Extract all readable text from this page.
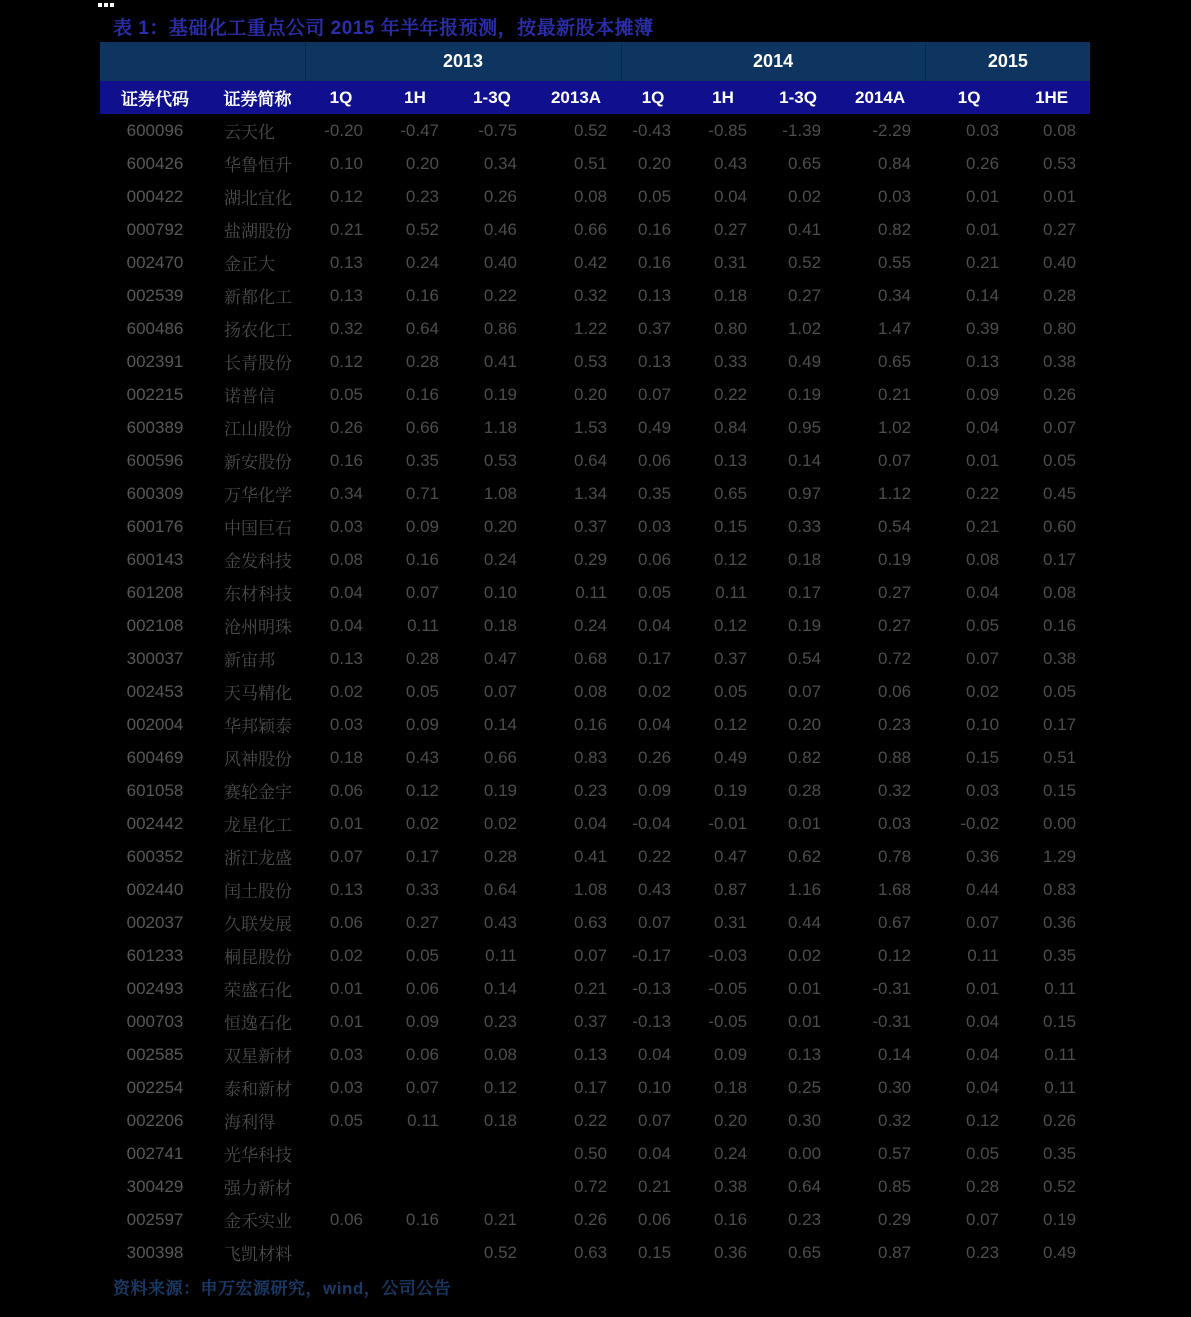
表 1：基础化工重点公司 2015 年半年报预测，按最新股本摊薄
		2013				2014				2015	
证券代码	证券简称	1Q	1H	1-3Q	2013A	1Q	1H	1-3Q	2014A	1Q	1HE
600096	云天化	-0.20	-0.47	-0.75	0.52	-0.43	-0.85	-1.39	-2.29	0.03	0.08
600426	华鲁恒升	0.10	0.20	0.34	0.51	0.20	0.43	0.65	0.84	0.26	0.53
000422	湖北宜化	0.12	0.23	0.26	0.08	0.05	0.04	0.02	0.03	0.01	0.01
000792	盐湖股份	0.21	0.52	0.46	0.66	0.16	0.27	0.41	0.82	0.01	0.27
002470	金正大	0.13	0.24	0.40	0.42	0.16	0.31	0.52	0.55	0.21	0.40
002539	新都化工	0.13	0.16	0.22	0.32	0.13	0.18	0.27	0.34	0.14	0.28
600486	扬农化工	0.32	0.64	0.86	1.22	0.37	0.80	1.02	1.47	0.39	0.80
002391	长青股份	0.12	0.28	0.41	0.53	0.13	0.33	0.49	0.65	0.13	0.38
002215	诺普信	0.05	0.16	0.19	0.20	0.07	0.22	0.19	0.21	0.09	0.26
600389	江山股份	0.26	0.66	1.18	1.53	0.49	0.84	0.95	1.02	0.04	0.07
600596	新安股份	0.16	0.35	0.53	0.64	0.06	0.13	0.14	0.07	0.01	0.05
600309	万华化学	0.34	0.71	1.08	1.34	0.35	0.65	0.97	1.12	0.22	0.45
600176	中国巨石	0.03	0.09	0.20	0.37	0.03	0.15	0.33	0.54	0.21	0.60
600143	金发科技	0.08	0.16	0.24	0.29	0.06	0.12	0.18	0.19	0.08	0.17
601208	东材科技	0.04	0.07	0.10	0.11	0.05	0.11	0.17	0.27	0.04	0.08
002108	沧州明珠	0.04	0.11	0.18	0.24	0.04	0.12	0.19	0.27	0.05	0.16
300037	新宙邦	0.13	0.28	0.47	0.68	0.17	0.37	0.54	0.72	0.07	0.38
002453	天马精化	0.02	0.05	0.07	0.08	0.02	0.05	0.07	0.06	0.02	0.05
002004	华邦颖泰	0.03	0.09	0.14	0.16	0.04	0.12	0.20	0.23	0.10	0.17
600469	风神股份	0.18	0.43	0.66	0.83	0.26	0.49	0.82	0.88	0.15	0.51
601058	赛轮金宇	0.06	0.12	0.19	0.23	0.09	0.19	0.28	0.32	0.03	0.15
002442	龙星化工	0.01	0.02	0.02	0.04	-0.04	-0.01	0.01	0.03	-0.02	0.00
600352	浙江龙盛	0.07	0.17	0.28	0.41	0.22	0.47	0.62	0.78	0.36	1.29
002440	闰土股份	0.13	0.33	0.64	1.08	0.43	0.87	1.16	1.68	0.44	0.83
002037	久联发展	0.06	0.27	0.43	0.63	0.07	0.31	0.44	0.67	0.07	0.36
601233	桐昆股份	0.02	0.05	0.11	0.07	-0.17	-0.03	0.02	0.12	0.11	0.35
002493	荣盛石化	0.01	0.06	0.14	0.21	-0.13	-0.05	0.01	-0.31	0.01	0.11
000703	恒逸石化	0.01	0.09	0.23	0.37	-0.13	-0.05	0.01	-0.31	0.04	0.15
002585	双星新材	0.03	0.06	0.08	0.13	0.04	0.09	0.13	0.14	0.04	0.11
002254	泰和新材	0.03	0.07	0.12	0.17	0.10	0.18	0.25	0.30	0.04	0.11
002206	海利得	0.05	0.11	0.18	0.22	0.07	0.20	0.30	0.32	0.12	0.26
002741	光华科技				0.50	0.04	0.24	0.00	0.57	0.05	0.35
300429	强力新材				0.72	0.21	0.38	0.64	0.85	0.28	0.52
002597	金禾实业	0.06	0.16	0.21	0.26	0.06	0.16	0.23	0.29	0.07	0.19
300398	飞凯材料			0.52	0.63	0.15	0.36	0.65	0.87	0.23	0.49
资料来源：申万宏源研究，wind，公司公告
